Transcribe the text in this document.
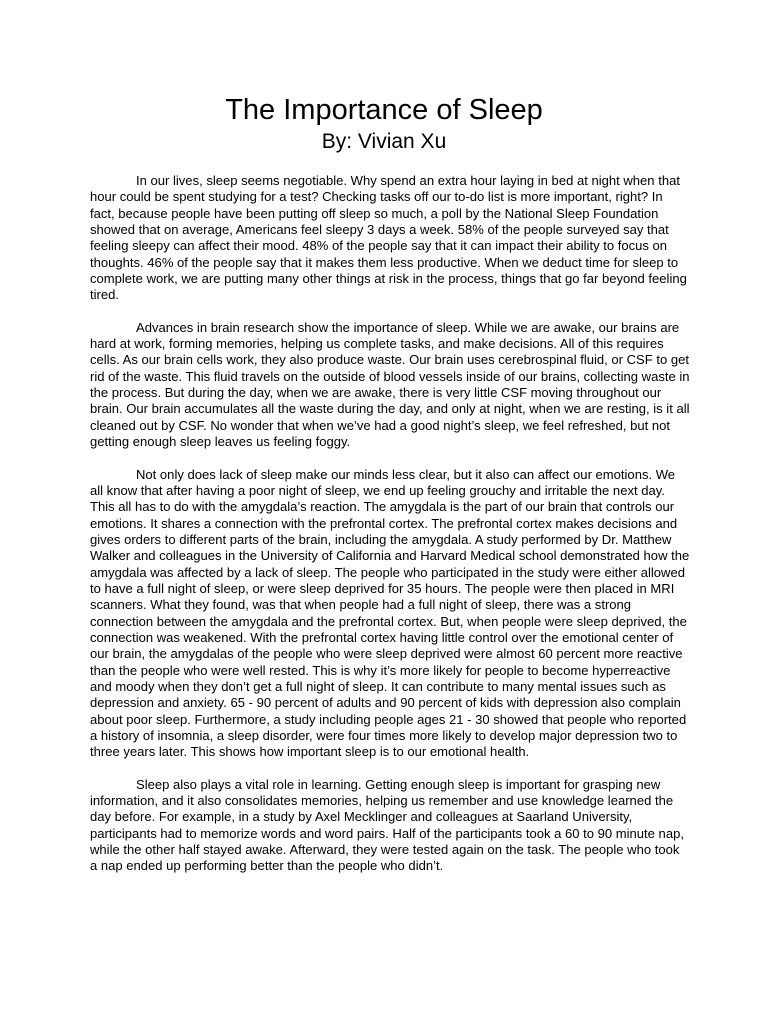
The Importance of Sleep
By: Vivian Xu

In our lives, sleep seems negotiable. Why spend an extra hour laying in bed at night when that hour could be spent studying for a test? Checking tasks off our to-do list is more important, right? In fact, because people have been putting off sleep so much, a poll by the National Sleep Foundation showed that on average, Americans feel sleepy 3 days a week. 58% of the people surveyed say that feeling sleepy can affect their mood. 48% of the people say that it can impact their ability to focus on thoughts. 46% of the people say that it makes them less productive. When we deduct time for sleep to complete work, we are putting many other things at risk in the process, things that go far beyond feeling tired.

Advances in brain research show the importance of sleep. While we are awake, our brains are hard at work, forming memories, helping us complete tasks, and make decisions. All of this requires cells. As our brain cells work, they also produce waste. Our brain uses cerebrospinal fluid, or CSF to get rid of the waste. This fluid travels on the outside of blood vessels inside of our brains, collecting waste in the process. But during the day, when we are awake, there is very little CSF moving throughout our brain. Our brain accumulates all the waste during the day, and only at night, when we are resting, is it all cleaned out by CSF. No wonder that when we’ve had a good night’s sleep, we feel refreshed, but not getting enough sleep leaves us feeling foggy.

Not only does lack of sleep make our minds less clear, but it also can affect our emotions. We all know that after having a poor night of sleep, we end up feeling grouchy and irritable the next day. This all has to do with the amygdala’s reaction. The amygdala is the part of our brain that controls our emotions. It shares a connection with the prefrontal cortex. The prefrontal cortex makes decisions and gives orders to different parts of the brain, including the amygdala. A study performed by Dr. Matthew Walker and colleagues in the University of California and Harvard Medical school demonstrated how the amygdala was affected by a lack of sleep. The people who participated in the study were either allowed to have a full night of sleep, or were sleep deprived for 35 hours. The people were then placed in MRI scanners. What they found, was that when people had a full night of sleep, there was a strong connection between the amygdala and the prefrontal cortex. But, when people were sleep deprived, the connection was weakened. With the prefrontal cortex having little control over the emotional center of our brain, the amygdalas of the people who were sleep deprived were almost 60 percent more reactive than the people who were well rested. This is why it’s more likely for people to become hyperreactive and moody when they don’t get a full night of sleep. It can contribute to many mental issues such as depression and anxiety. 65 - 90 percent of adults and 90 percent of kids with depression also complain about poor sleep. Furthermore, a study including people ages 21 - 30 showed that people who reported a history of insomnia, a sleep disorder, were four times more likely to develop major depression two to three years later. This shows how important sleep is to our emotional health.

Sleep also plays a vital role in learning. Getting enough sleep is important for grasping new information, and it also consolidates memories, helping us remember and use knowledge learned the day before. For example, in a study by Axel Mecklinger and colleagues at Saarland University, participants had to memorize words and word pairs. Half of the participants took a 60 to 90 minute nap, while the other half stayed awake. Afterward, they were tested again on the task. The people who took a nap ended up performing better than the people who didn’t.
